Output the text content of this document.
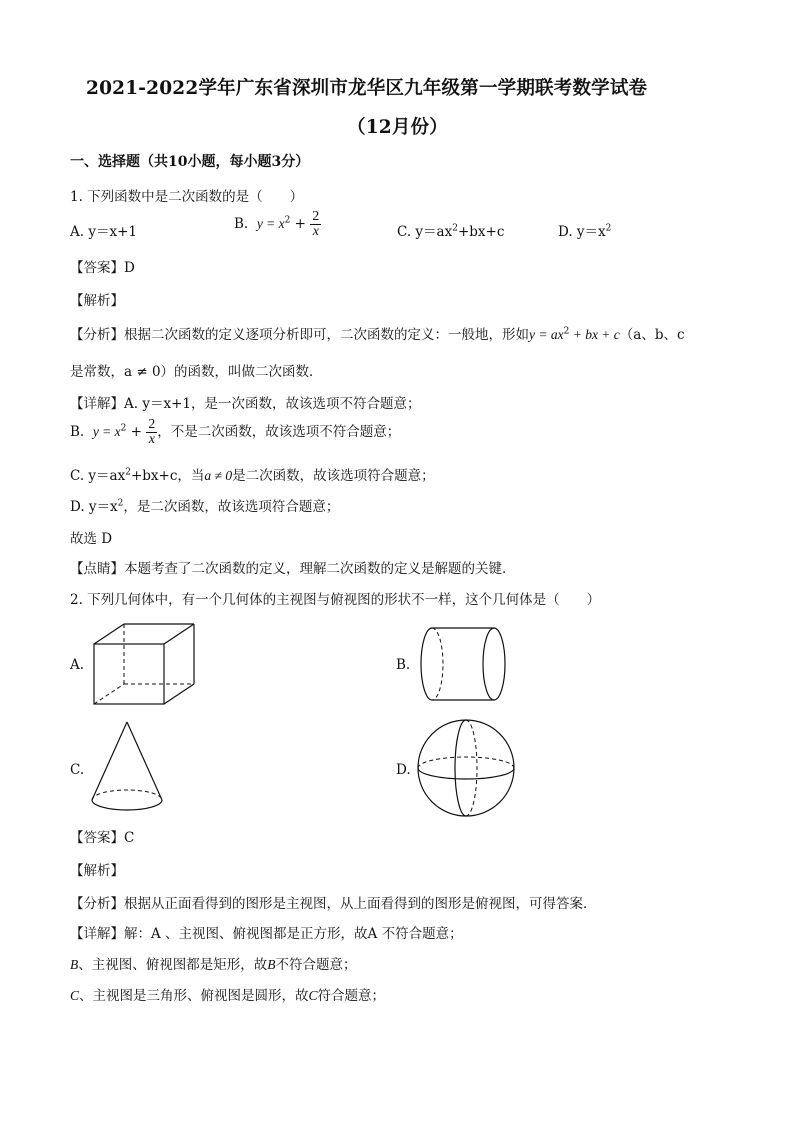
2021-2022学年广东省深圳市龙华区九年级第一学期联考数学试卷
（12月份）
一、选择题（共10小题，每小题3分）
1. 下列函数中是二次函数的是（　　）
A. y＝x+1	B. $y = x^2 + \frac{2}{x}$	C. $y=ax^2+bx+c$	D. $y=x^2$
【答案】D
【解析】
【分析】根据二次函数的定义逐项分析即可，二次函数的定义：一般地，形如$y = ax^2$ + bx + c（a、b、c
是常数，a ≠ 0）的函数，叫做二次函数．
【详解】A. y＝x+1，是一次函数，故该选项不符合题意；
B. $y = x^2 + \frac{2}{x}$ ，不是二次函数，故该选项不符合题意；
C. $y=ax^2+bx+c$，当a ≠ 0是二次函数，故该选项符合题意；
D. $y=x^2$，是二次函数，故该选项符合题意；
故选 D
【点睛】本题考查了二次函数的定义，理解二次函数的定义是解题的关键．
2. 下列几何体中，有一个几何体的主视图与俯视图的形状不一样，这个几何体是（　　）
A.	B.
C.	D.
【答案】C
【解析】
【分析】根据从正面看得到的图形是主视图，从上面看得到的图形是俯视图，可得答案．
【详解】解：A 、主视图、俯视图都是正方形，故A 不符合题意；
B、主视图、俯视图都是矩形，故B不符合题意；
C、主视图是三角形、俯视图是圆形，故C符合题意；
